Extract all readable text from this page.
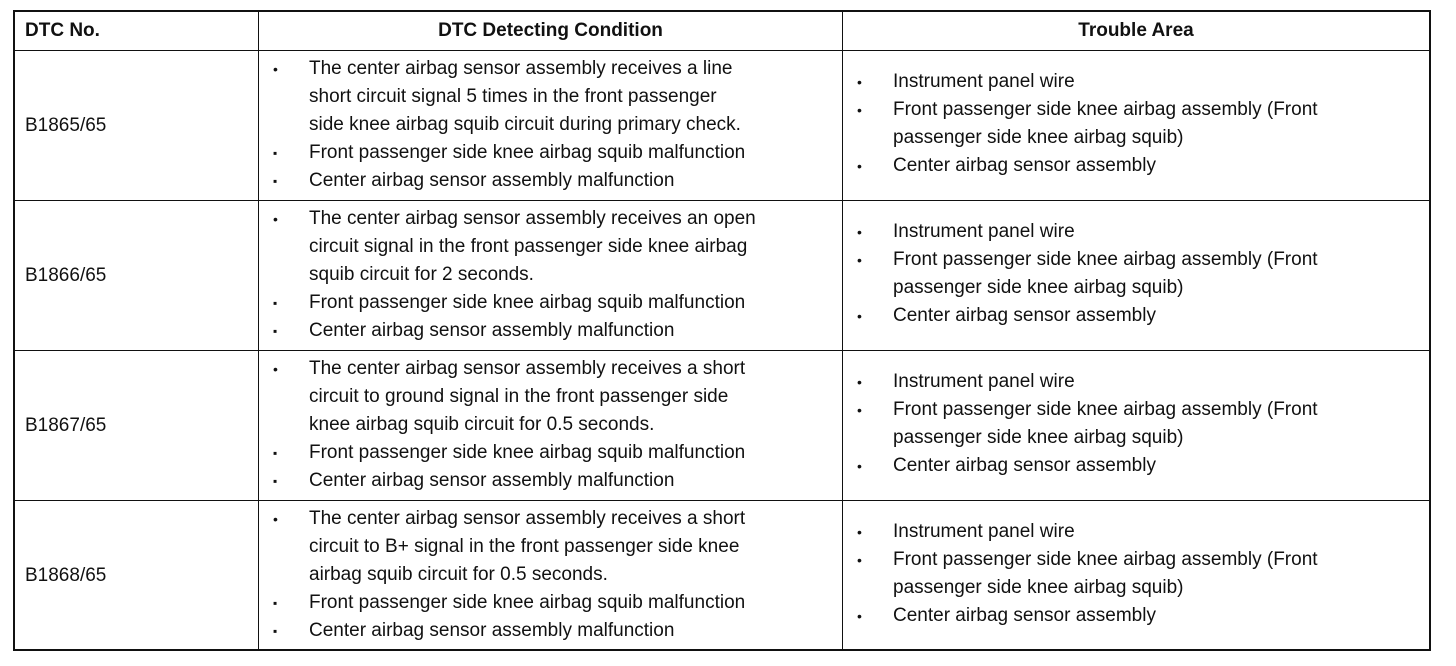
DTC No.	DTC Detecting Condition	Trouble Area
B1865/65
• The center airbag sensor assembly receives a line
short circuit signal 5 times in the front passenger
side knee airbag squib circuit during primary check.
▪ Front passenger side knee airbag squib malfunction
▪ Center airbag sensor assembly malfunction
• Instrument panel wire
• Front passenger side knee airbag assembly (Front
passenger side knee airbag squib)
• Center airbag sensor assembly
B1866/65
• The center airbag sensor assembly receives an open
circuit signal in the front passenger side knee airbag
squib circuit for 2 seconds.
▪ Front passenger side knee airbag squib malfunction
▪ Center airbag sensor assembly malfunction
• Instrument panel wire
• Front passenger side knee airbag assembly (Front
passenger side knee airbag squib)
• Center airbag sensor assembly
B1867/65
• The center airbag sensor assembly receives a short
circuit to ground signal in the front passenger side
knee airbag squib circuit for 0.5 seconds.
▪ Front passenger side knee airbag squib malfunction
▪ Center airbag sensor assembly malfunction
• Instrument panel wire
• Front passenger side knee airbag assembly (Front
passenger side knee airbag squib)
• Center airbag sensor assembly
B1868/65
• The center airbag sensor assembly receives a short
circuit to B+ signal in the front passenger side knee
airbag squib circuit for 0.5 seconds.
▪ Front passenger side knee airbag squib malfunction
▪ Center airbag sensor assembly malfunction
• Instrument panel wire
• Front passenger side knee airbag assembly (Front
passenger side knee airbag squib)
• Center airbag sensor assembly
